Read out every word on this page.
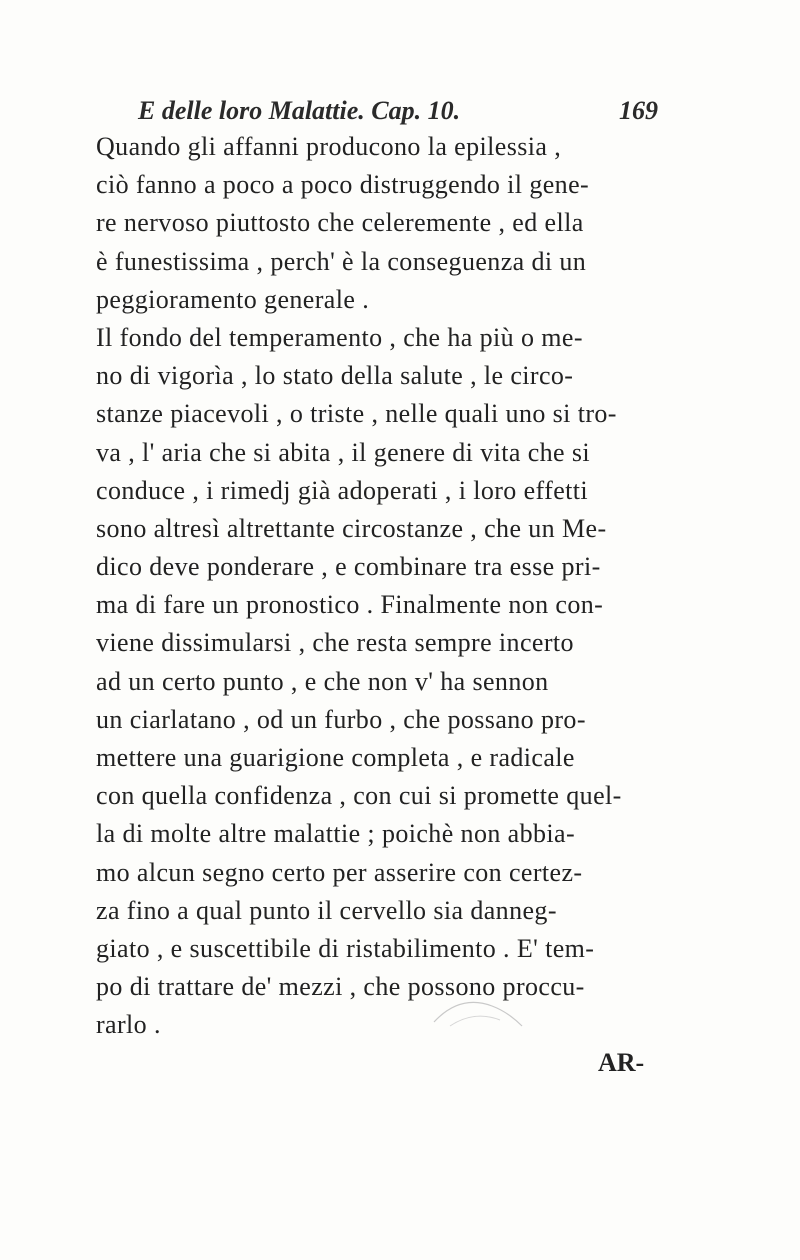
E delle loro Malattie. Cap. 10.	169
Quando gli affanni producono la epilessia ,
ciò fanno a poco a poco distruggendo il gene-
re nervoso piuttosto che celeremente , ed ella
è funestissima , perch' è la conseguenza di un
peggioramento generale .
Il fondo del temperamento , che ha più o me-
no di vigorìa , lo stato della salute , le circo-
stanze piacevoli , o triste , nelle quali uno si tro-
va , l' aria che si abita , il genere di vita che si
conduce , i rimedj già adoperati , i loro effetti
sono altresì altrettante circostanze , che un Me-
dico deve ponderare , e combinare tra esse pri-
ma di fare un pronostico . Finalmente non con-
viene dissimularsi , che resta sempre incerto
ad un certo punto , e che non v' ha sennon
un ciarlatano , od un furbo , che possano pro-
mettere una guarigione completa , e radicale
con quella confidenza , con cui si promette quel-
la di molte altre malattie ; poichè non abbia-
mo alcun segno certo per asserire con certez-
za fino a qual punto il cervello sia danneg-
giato , e suscettibile di ristabilimento . E' tem-
po di trattare de' mezzi , che possono proccu-
rarlo .
AR-
